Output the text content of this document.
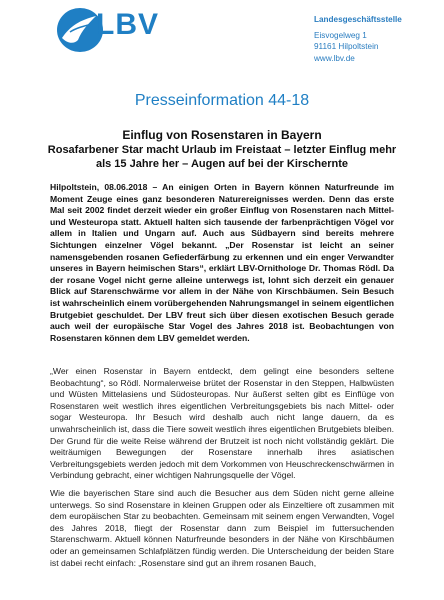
LBV	Landesgeschäftsstelle
Eisvogelweg 1
91161 Hilpoltstein
www.lbv.de
Presseinformation 44-18
Einflug von Rosenstaren in Bayern
Rosafarbener Star macht Urlaub im Freistaat – letzter Einflug mehr als 15 Jahre her – Augen auf bei der Kirschernte
Hilpoltstein, 08.06.2018 – An einigen Orten in Bayern können Naturfreunde im Moment Zeuge eines ganz besonderen Naturereignisses werden. Denn das erste Mal seit 2002 findet derzeit wieder ein großer Einflug von Rosenstaren nach Mittel- und Westeuropa statt. Aktuell halten sich tausende der farbenprächtigen Vögel vor allem in Italien und Ungarn auf. Auch aus Südbayern sind bereits mehrere Sichtungen einzelner Vögel bekannt. „Der Rosenstar ist leicht an seiner namensgebenden rosanen Gefiederfärbung zu erkennen und ein enger Verwandter unseres in Bayern heimischen Stars“, erklärt LBV-Ornithologe Dr. Thomas Rödl. Da der rosane Vogel nicht gerne alleine unterwegs ist, lohnt sich derzeit ein genauer Blick auf Starenschwärme vor allem in der Nähe von Kirschbäumen. Sein Besuch ist wahrscheinlich einem vorübergehenden Nahrungsmangel in seinem eigentlichen Brutgebiet geschuldet. Der LBV freut sich über diesen exotischen Besuch gerade auch weil der europäische Star Vogel des Jahres 2018 ist. Beobachtungen von Rosenstaren können dem LBV gemeldet werden.
„Wer einen Rosenstar in Bayern entdeckt, dem gelingt eine besonders seltene Beobachtung“, so Rödl. Normalerweise brütet der Rosenstar in den Steppen, Halbwüsten und Wüsten Mittelasiens und Südosteuropas. Nur äußerst selten gibt es Einflüge von Rosenstaren weit westlich ihres eigentlichen Verbreitungsgebiets bis nach Mittel- oder sogar Westeuropa. Ihr Besuch wird deshalb auch nicht lange dauern, da es unwahrscheinlich ist, dass die Tiere soweit westlich ihres eigentlichen Brutgebiets bleiben. Der Grund für die weite Reise während der Brutzeit ist noch nicht vollständig geklärt. Die weiträumigen Bewegungen der Rosenstare innerhalb ihres asiatischen Verbreitungsgebiets werden jedoch mit dem Vorkommen von Heuschreckenschwärmen in Verbindung gebracht, einer wichtigen Nahrungsquelle der Vögel.
Wie die bayerischen Stare sind auch die Besucher aus dem Süden nicht gerne alleine unterwegs. So sind Rosenstare in kleinen Gruppen oder als Einzeltiere oft zusammen mit dem europäischen Star zu beobachten. Gemeinsam mit seinem engen Verwandten, Vogel des Jahres 2018, fliegt der Rosenstar dann zum Beispiel im futtersuchenden Starenschwarm. Aktuell können Naturfreunde besonders in der Nähe von Kirschbäumen oder an gemeinsamen Schlafplätzen fündig werden. Die Unterscheidung der beiden Stare ist dabei recht einfach: „Rosenstare sind gut an ihrem rosanen Bauch,
